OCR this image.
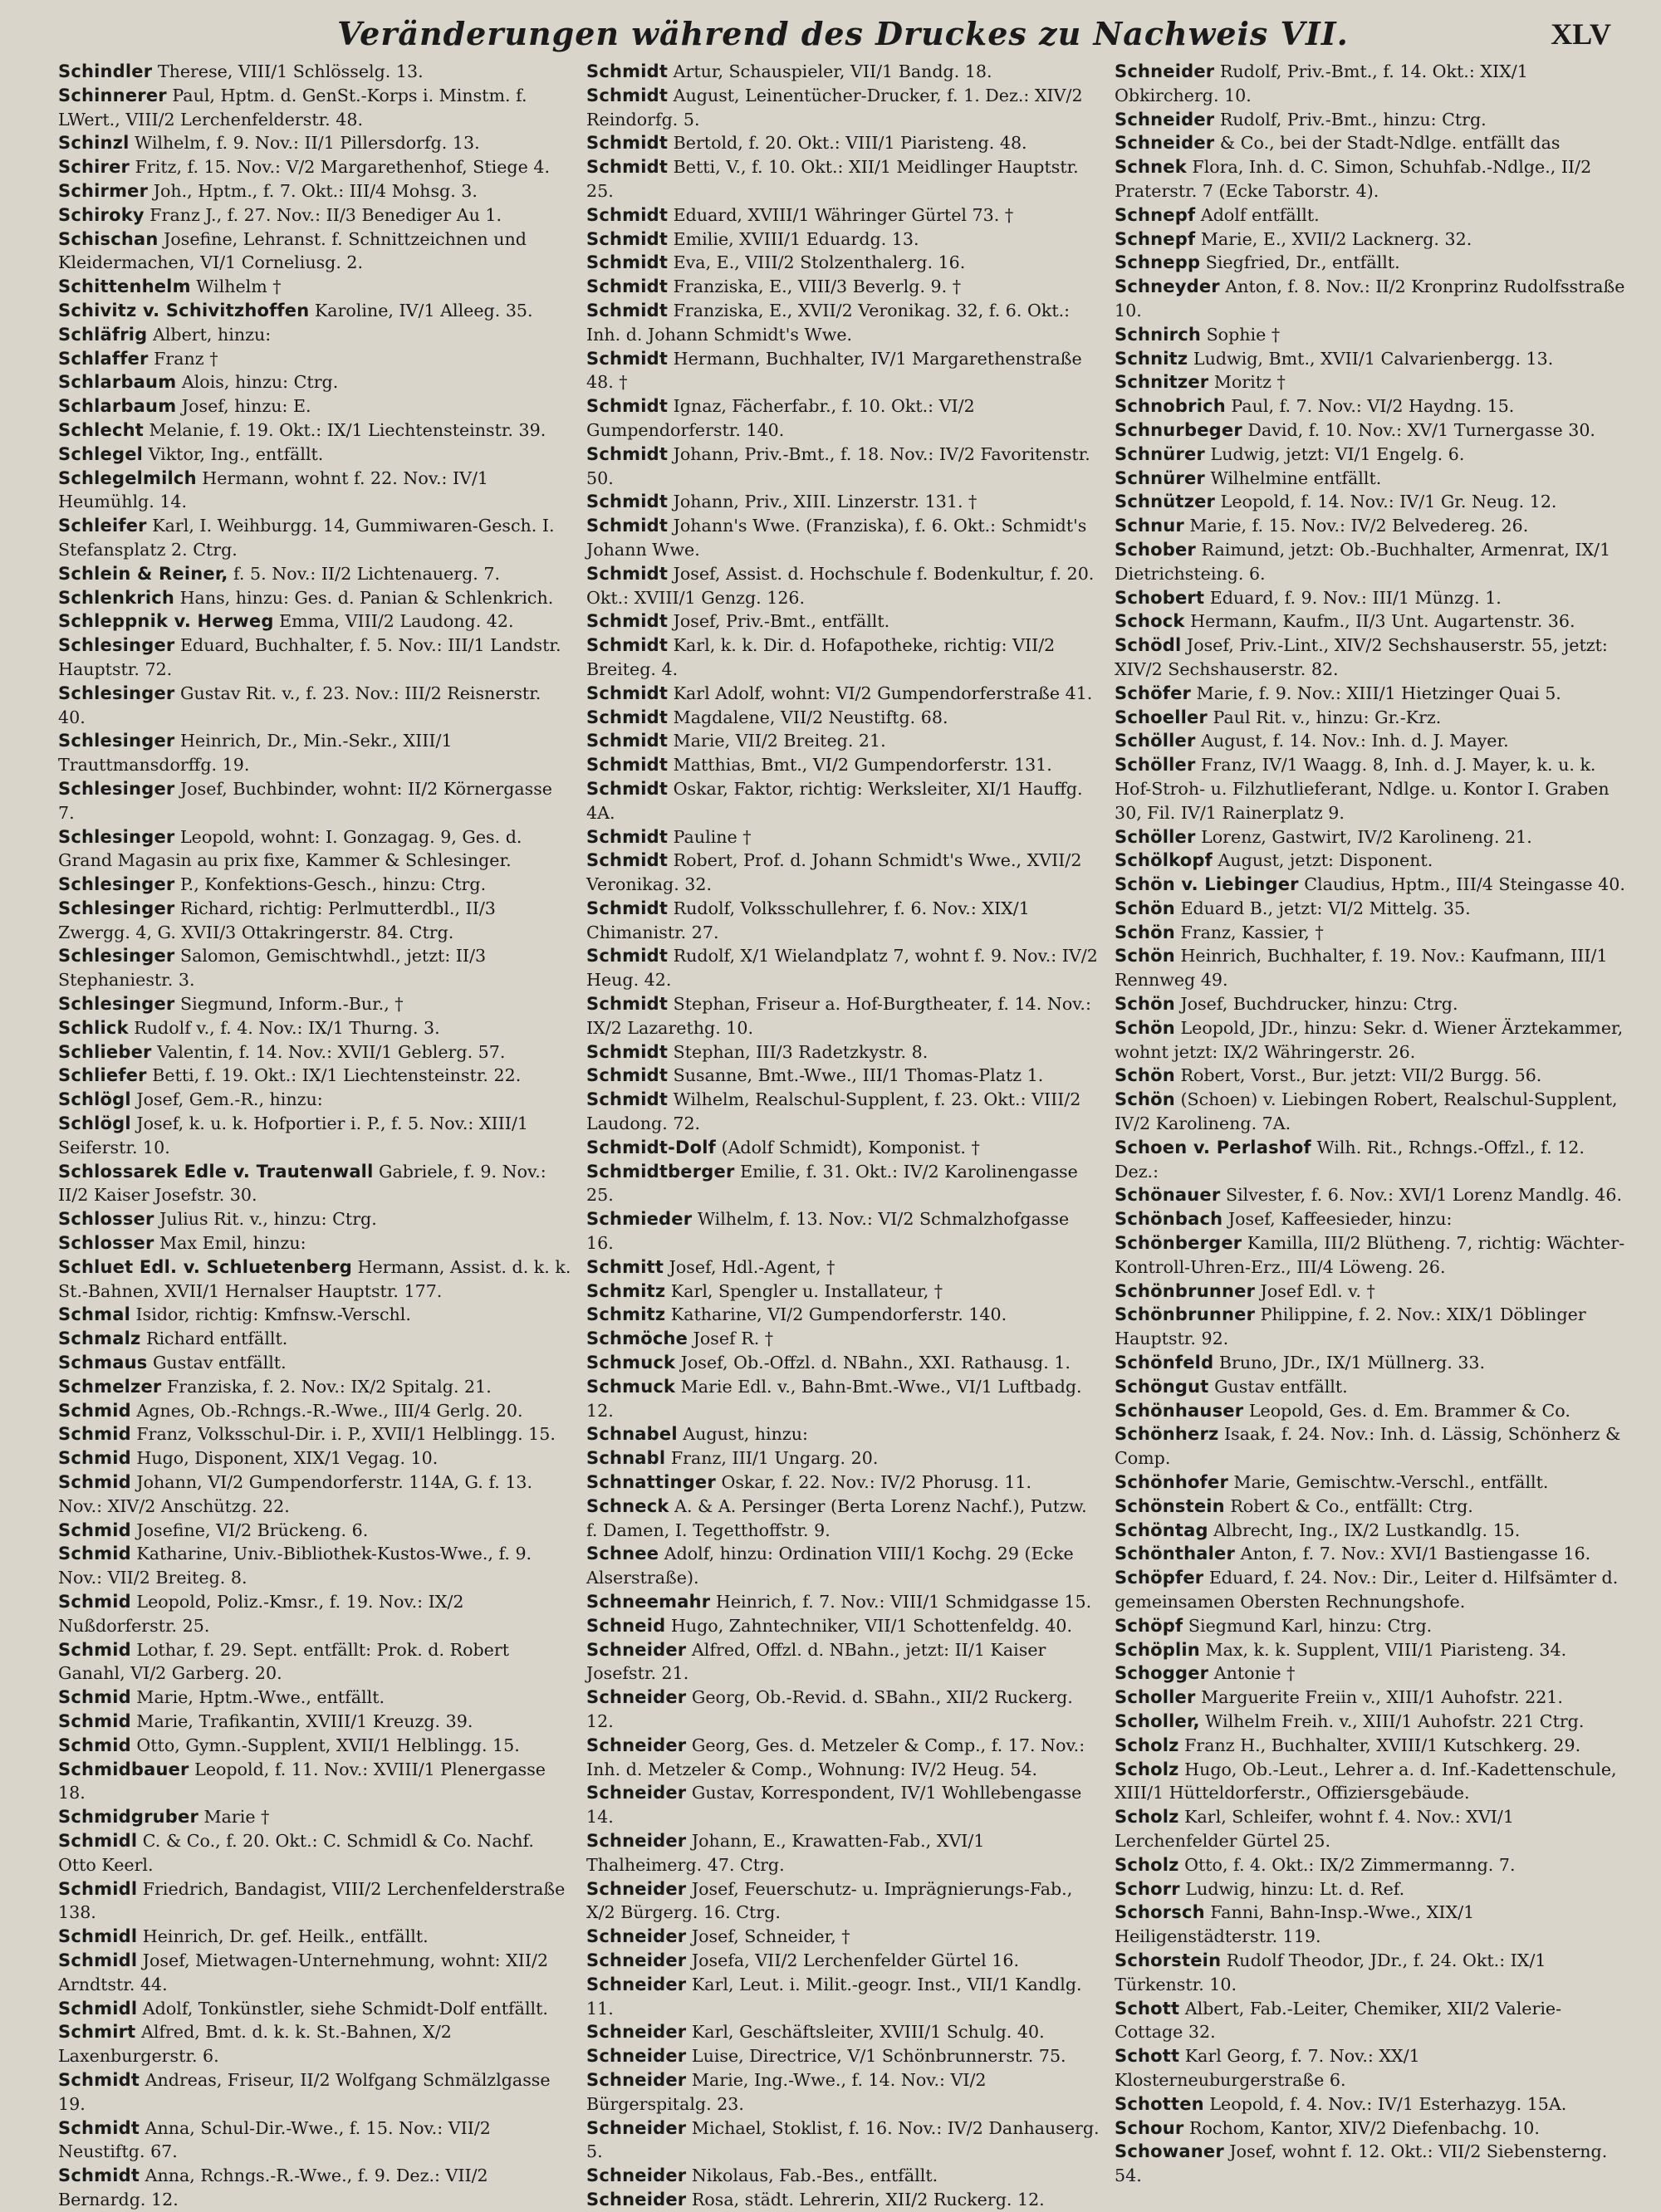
Veränderungen während des Druckes zu Nachweis VII.	XLV

Schindler Therese, VIII/1 Schlösselg. 13.

Schinnerer Paul, Hptm. d. GenSt.-Korps i. Minstm. f. LWert., VIII/2 Lerchenfelderstr. 48.

Schinzl Wilhelm, f. 9. Nov.: II/1 Pillersdorfg. 13.

Schirer Fritz, f. 15. Nov.: V/2 Margarethenhof, Stiege 4.

Schirmer Joh., Hptm., f. 7. Okt.: III/4 Mohsg. 3.

Schiroky Franz J., f. 27. Nov.: II/3 Benediger Au 1.

Schischan Josefine, Lehranst. f. Schnittzeichnen und Kleidermachen, VI/1 Corneliusg. 2.

Schittenhelm Wilhelm †

Schivitz v. Schivitzhoffen Karoline, IV/1 Alleeg. 35.

Schläfrig Albert, hinzu:

Schlaffer Franz †

Schlarbaum Alois, hinzu: Ctrg.

Schlarbaum Josef, hinzu: E.

Schlecht Melanie, f. 19. Okt.: IX/1 Liechtensteinstr. 39.

Schlegel Viktor, Ing., entfällt.

Schlegelmilch Hermann, wohnt f. 22. Nov.: IV/1 Heumühlg. 14.

Schleifer Karl, I. Weihburgg. 14, Gummiwaren-Gesch. I. Stefansplatz 2. Ctrg.

Schlein & Reiner, f. 5. Nov.: II/2 Lichtenauerg. 7.

Schlenkrich Hans, hinzu: Ges. d. Panian & Schlenkrich.

Schleppnik v. Herweg Emma, VIII/2 Laudong. 42.

Schlesinger Eduard, Buchhalter, f. 5. Nov.: III/1 Landstr. Hauptstr. 72.

Schlesinger Gustav Rit. v., f. 23. Nov.: III/2 Reisnerstr. 40.

Schlesinger Heinrich, Dr., Min.-Sekr., XIII/1 Trauttmansdorffg. 19.

Schlesinger Josef, Buchbinder, wohnt: II/2 Körnergasse 7.

Schlesinger Leopold, wohnt: I. Gonzagag. 9, Ges. d. Grand Magasin au prix fixe, Kammer & Schlesinger.

Schlesinger P., Konfektions-Gesch., hinzu: Ctrg.

Schlesinger Richard, richtig: Perlmutterdbl., II/3 Zwergg. 4, G. XVII/3 Ottakringerstr. 84. Ctrg.

Schlesinger Salomon, Gemischtwhdl., jetzt: II/3 Stephaniestr. 3.

Schlesinger Siegmund, Inform.-Bur., †

Schlick Rudolf v., f. 4. Nov.: IX/1 Thurng. 3.

Schlieber Valentin, f. 14. Nov.: XVII/1 Geblerg. 57.

Schliefer Betti, f. 19. Okt.: IX/1 Liechtensteinstr. 22.

Schlögl Josef, Gem.-R., hinzu:

Schlögl Josef, k. u. k. Hofportier i. P., f. 5. Nov.: XIII/1 Seiferstr. 10.

Schlossarek Edle v. Trautenwall Gabriele, f. 9. Nov.: II/2 Kaiser Josefstr. 30.

Schlosser Julius Rit. v., hinzu: Ctrg.

Schlosser Max Emil, hinzu:

Schluet Edl. v. Schluetenberg Hermann, Assist. d. k. k. St.-Bahnen, XVII/1 Hernalser Hauptstr. 177.

Schmal Isidor, richtig: Kmfnsw.-Verschl.

Schmalz Richard entfällt.

Schmaus Gustav entfällt.

Schmelzer Franziska, f. 2. Nov.: IX/2 Spitalg. 21.

Schmid Agnes, Ob.-Rchngs.-R.-Wwe., III/4 Gerlg. 20.

Schmid Franz, Volksschul-Dir. i. P., XVII/1 Helblingg. 15.

Schmid Hugo, Disponent, XIX/1 Vegag. 10.

Schmid Johann, VI/2 Gumpendorferstr. 114A, G. f. 13. Nov.: XIV/2 Anschützg. 22.

Schmid Josefine, VI/2 Brückeng. 6.

Schmid Katharine, Univ.-Bibliothek-Kustos-Wwe., f. 9. Nov.: VII/2 Breiteg. 8.

Schmid Leopold, Poliz.-Kmsr., f. 19. Nov.: IX/2 Nußdorferstr. 25.

Schmid Lothar, f. 29. Sept. entfällt: Prok. d. Robert Ganahl, VI/2 Garberg. 20.

Schmid Marie, Hptm.-Wwe., entfällt.

Schmid Marie, Trafikantin, XVIII/1 Kreuzg. 39.

Schmid Otto, Gymn.-Supplent, XVII/1 Helblingg. 15.

Schmidbauer Leopold, f. 11. Nov.: XVIII/1 Plenergasse 18.

Schmidgruber Marie †

Schmidl C. & Co., f. 20. Okt.: C. Schmidl & Co. Nachf. Otto Keerl.

Schmidl Friedrich, Bandagist, VIII/2 Lerchenfelderstraße 138.

Schmidl Heinrich, Dr. gef. Heilk., entfällt.

Schmidl Josef, Mietwagen-Unternehmung, wohnt: XII/2 Arndtstr. 44.

Schmidl Adolf, Tonkünstler, siehe Schmidt-Dolf entfällt.

Schmirt Alfred, Bmt. d. k. k. St.-Bahnen, X/2 Laxenburgerstr. 6.

Schmidt Andreas, Friseur, II/2 Wolfgang Schmälzlgasse 19.

Schmidt Anna, Schul-Dir.-Wwe., f. 15. Nov.: VII/2 Neustiftg. 67.

Schmidt Anna, Rchngs.-R.-Wwe., f. 9. Dez.: VII/2 Bernardg. 12.

Schmidt Artur, Schauspieler, VII/1 Bandg. 18.

Schmidt August, Leinentücher-Drucker, f. 1. Dez.: XIV/2 Reindorfg. 5.

Schmidt Bertold, f. 20. Okt.: VIII/1 Piaristeng. 48.

Schmidt Betti, V., f. 10. Okt.: XII/1 Meidlinger Hauptstr. 25.

Schmidt Eduard, XVIII/1 Währinger Gürtel 73. †

Schmidt Emilie, XVIII/1 Eduardg. 13.

Schmidt Eva, E., VIII/2 Stolzenthalerg. 16.

Schmidt Franziska, E., VIII/3 Beverlg. 9. †

Schmidt Franziska, E., XVII/2 Veronikag. 32, f. 6. Okt.: Inh. d. Johann Schmidt's Wwe.

Schmidt Hermann, Buchhalter, IV/1 Margarethenstraße 48. †

Schmidt Ignaz, Fächerfabr., f. 10. Okt.: VI/2 Gumpendorferstr. 140.

Schmidt Johann, Priv.-Bmt., f. 18. Nov.: IV/2 Favoritenstr. 50.

Schmidt Johann, Priv., XIII. Linzerstr. 131. †

Schmidt Johann's Wwe. (Franziska), f. 6. Okt.: Schmidt's Johann Wwe.

Schmidt Josef, Assist. d. Hochschule f. Bodenkultur, f. 20. Okt.: XVIII/1 Genzg. 126.

Schmidt Josef, Priv.-Bmt., entfällt.

Schmidt Karl, k. k. Dir. d. Hofapotheke, richtig: VII/2 Breiteg. 4.

Schmidt Karl Adolf, wohnt: VI/2 Gumpendorferstraße 41.

Schmidt Magdalene, VII/2 Neustiftg. 68.

Schmidt Marie, VII/2 Breiteg. 21.

Schmidt Matthias, Bmt., VI/2 Gumpendorferstr. 131.

Schmidt Oskar, Faktor, richtig: Werksleiter, XI/1 Hauffg. 4A.

Schmidt Pauline †

Schmidt Robert, Prof. d. Johann Schmidt's Wwe., XVII/2 Veronikag. 32.

Schmidt Rudolf, Volksschullehrer, f. 6. Nov.: XIX/1 Chimanistr. 27.

Schmidt Rudolf, X/1 Wielandplatz 7, wohnt f. 9. Nov.: IV/2 Heug. 42.

Schmidt Stephan, Friseur a. Hof-Burgtheater, f. 14. Nov.: IX/2 Lazarethg. 10.

Schmidt Stephan, III/3 Radetzkystr. 8.

Schmidt Susanne, Bmt.-Wwe., III/1 Thomas-Platz 1.

Schmidt Wilhelm, Realschul-Supplent, f. 23. Okt.: VIII/2 Laudong. 72.

Schmidt-Dolf (Adolf Schmidt), Komponist. †

Schmidtberger Emilie, f. 31. Okt.: IV/2 Karolinengasse 25.

Schmieder Wilhelm, f. 13. Nov.: VI/2 Schmalzhofgasse 16.

Schmitt Josef, Hdl.-Agent, †

Schmitz Karl, Spengler u. Installateur, †

Schmitz Katharine, VI/2 Gumpendorferstr. 140.

Schmöche Josef R. †

Schmuck Josef, Ob.-Offzl. d. NBahn., XXI. Rathausg. 1.

Schmuck Marie Edl. v., Bahn-Bmt.-Wwe., VI/1 Luftbadg. 12.

Schnabel August, hinzu:

Schnabl Franz, III/1 Ungarg. 20.

Schnattinger Oskar, f. 22. Nov.: IV/2 Phorusg. 11.

Schneck A. & A. Persinger (Berta Lorenz Nachf.), Putzw. f. Damen, I. Tegetthoffstr. 9.

Schnee Adolf, hinzu: Ordination VIII/1 Kochg. 29 (Ecke Alserstraße).

Schneemahr Heinrich, f. 7. Nov.: VIII/1 Schmidgasse 15.

Schneid Hugo, Zahntechniker, VII/1 Schottenfeldg. 40.

Schneider Alfred, Offzl. d. NBahn., jetzt: II/1 Kaiser Josefstr. 21.

Schneider Georg, Ob.-Revid. d. SBahn., XII/2 Ruckerg. 12.

Schneider Georg, Ges. d. Metzeler & Comp., f. 17. Nov.: Inh. d. Metzeler & Comp., Wohnung: IV/2 Heug. 54.

Schneider Gustav, Korrespondent, IV/1 Wohllebengasse 14.

Schneider Johann, E., Krawatten-Fab., XVI/1 Thalheimerg. 47. Ctrg.

Schneider Josef, Feuerschutz- u. Imprägnierungs-Fab., X/2 Bürgerg. 16. Ctrg.

Schneider Josef, Schneider, †

Schneider Josefa, VII/2 Lerchenfelder Gürtel 16.

Schneider Karl, Leut. i. Milit.-geogr. Inst., VII/1 Kandlg. 11.

Schneider Karl, Geschäftsleiter, XVIII/1 Schulg. 40.

Schneider Luise, Directrice, V/1 Schönbrunnerstr. 75.

Schneider Marie, Ing.-Wwe., f. 14. Nov.: VI/2 Bürgerspitalg. 23.

Schneider Michael, Stoklist, f. 16. Nov.: IV/2 Danhauserg. 5.

Schneider Nikolaus, Fab.-Bes., entfällt.

Schneider Rosa, städt. Lehrerin, XII/2 Ruckerg. 12.

Schneider Rudolf, Priv.-Bmt., f. 14. Okt.: XIX/1 Obkircherg. 10.

Schneider Rudolf, Priv.-Bmt., hinzu: Ctrg.

Schneider & Co., bei der Stadt-Ndlge. entfällt das

Schnek Flora, Inh. d. C. Simon, Schuhfab.-Ndlge., II/2 Praterstr. 7 (Ecke Taborstr. 4).

Schnepf Adolf entfällt.

Schnepf Marie, E., XVII/2 Lacknerg. 32.

Schnepp Siegfried, Dr., entfällt.

Schneyder Anton, f. 8. Nov.: II/2 Kronprinz Rudolfsstraße 10.

Schnirch Sophie †

Schnitz Ludwig, Bmt., XVII/1 Calvarienbergg. 13.

Schnitzer Moritz †

Schnobrich Paul, f. 7. Nov.: VI/2 Haydng. 15.

Schnurbeger David, f. 10. Nov.: XV/1 Turnergasse 30.

Schnürer Ludwig, jetzt: VI/1 Engelg. 6.

Schnürer Wilhelmine entfällt.

Schnützer Leopold, f. 14. Nov.: IV/1 Gr. Neug. 12.

Schnur Marie, f. 15. Nov.: IV/2 Belvedereg. 26.

Schober Raimund, jetzt: Ob.-Buchhalter, Armenrat, IX/1 Dietrichsteing. 6.

Schobert Eduard, f. 9. Nov.: III/1 Münzg. 1.

Schock Hermann, Kaufm., II/3 Unt. Augartenstr. 36.

Schödl Josef, Priv.-Lint., XIV/2 Sechshauserstr. 55, jetzt: XIV/2 Sechshauserstr. 82.

Schöfer Marie, f. 9. Nov.: XIII/1 Hietzinger Quai 5.

Schoeller Paul Rit. v., hinzu: Gr.-Krz.

Schöller August, f. 14. Nov.: Inh. d. J. Mayer.

Schöller Franz, IV/1 Waagg. 8, Inh. d. J. Mayer, k. u. k. Hof-Stroh- u. Filzhutlieferant, Ndlge. u. Kontor I. Graben 30, Fil. IV/1 Rainerplatz 9.

Schöller Lorenz, Gastwirt, IV/2 Karolineng. 21.

Schölkopf August, jetzt: Disponent.

Schön v. Liebinger Claudius, Hptm., III/4 Steingasse 40.

Schön Eduard B., jetzt: VI/2 Mittelg. 35.

Schön Franz, Kassier, †

Schön Heinrich, Buchhalter, f. 19. Nov.: Kaufmann, III/1 Rennweg 49.

Schön Josef, Buchdrucker, hinzu: Ctrg.

Schön Leopold, JDr., hinzu: Sekr. d. Wiener Ärztekammer, wohnt jetzt: IX/2 Währingerstr. 26.

Schön Robert, Vorst., Bur. jetzt: VII/2 Burgg. 56.

Schön (Schoen) v. Liebingen Robert, Realschul-Supplent, IV/2 Karolineng. 7A.

Schoen v. Perlashof Wilh. Rit., Rchngs.-Offzl., f. 12. Dez.:

Schönauer Silvester, f. 6. Nov.: XVI/1 Lorenz Mandlg. 46.

Schönbach Josef, Kaffeesieder, hinzu:

Schönberger Kamilla, III/2 Blütheng. 7, richtig: Wächter-Kontroll-Uhren-Erz., III/4 Löweng. 26.

Schönbrunner Josef Edl. v. †

Schönbrunner Philippine, f. 2. Nov.: XIX/1 Döblinger Hauptstr. 92.

Schönfeld Bruno, JDr., IX/1 Müllnerg. 33.

Schöngut Gustav entfällt.

Schönhauser Leopold, Ges. d. Em. Brammer & Co.

Schönherz Isaak, f. 24. Nov.: Inh. d. Lässig, Schönherz & Comp.

Schönhofer Marie, Gemischtw.-Verschl., entfällt.

Schönstein Robert & Co., entfällt: Ctrg.

Schöntag Albrecht, Ing., IX/2 Lustkandlg. 15.

Schönthaler Anton, f. 7. Nov.: XVI/1 Bastiengasse 16.

Schöpfer Eduard, f. 24. Nov.: Dir., Leiter d. Hilfsämter d. gemeinsamen Obersten Rechnungshofe.

Schöpf Siegmund Karl, hinzu: Ctrg.

Schöplin Max, k. k. Supplent, VIII/1 Piaristeng. 34.

Schogger Antonie †

Scholler Marguerite Freiin v., XIII/1 Auhofstr. 221.

Scholler, Wilhelm Freih. v., XIII/1 Auhofstr. 221 Ctrg.

Scholz Franz H., Buchhalter, XVIII/1 Kutschkerg. 29.

Scholz Hugo, Ob.-Leut., Lehrer a. d. Inf.-Kadettenschule, XIII/1 Hütteldorferstr., Offiziersgebäude.

Scholz Karl, Schleifer, wohnt f. 4. Nov.: XVI/1 Lerchenfelder Gürtel 25.

Scholz Otto, f. 4. Okt.: IX/2 Zimmermanng. 7.

Schorr Ludwig, hinzu: Lt. d. Ref.

Schorsch Fanni, Bahn-Insp.-Wwe., XIX/1 Heiligenstädterstr. 119.

Schorstein Rudolf Theodor, JDr., f. 24. Okt.: IX/1 Türkenstr. 10.

Schott Albert, Fab.-Leiter, Chemiker, XII/2 Valerie-Cottage 32.

Schott Karl Georg, f. 7. Nov.: XX/1 Klosterneuburgerstraße 6.

Schotten Leopold, f. 4. Nov.: IV/1 Esterhazyg. 15A.

Schour Rochom, Kantor, XIV/2 Diefenbachg. 10.

Schowaner Josef, wohnt f. 12. Okt.: VII/2 Siebensterng. 54.
